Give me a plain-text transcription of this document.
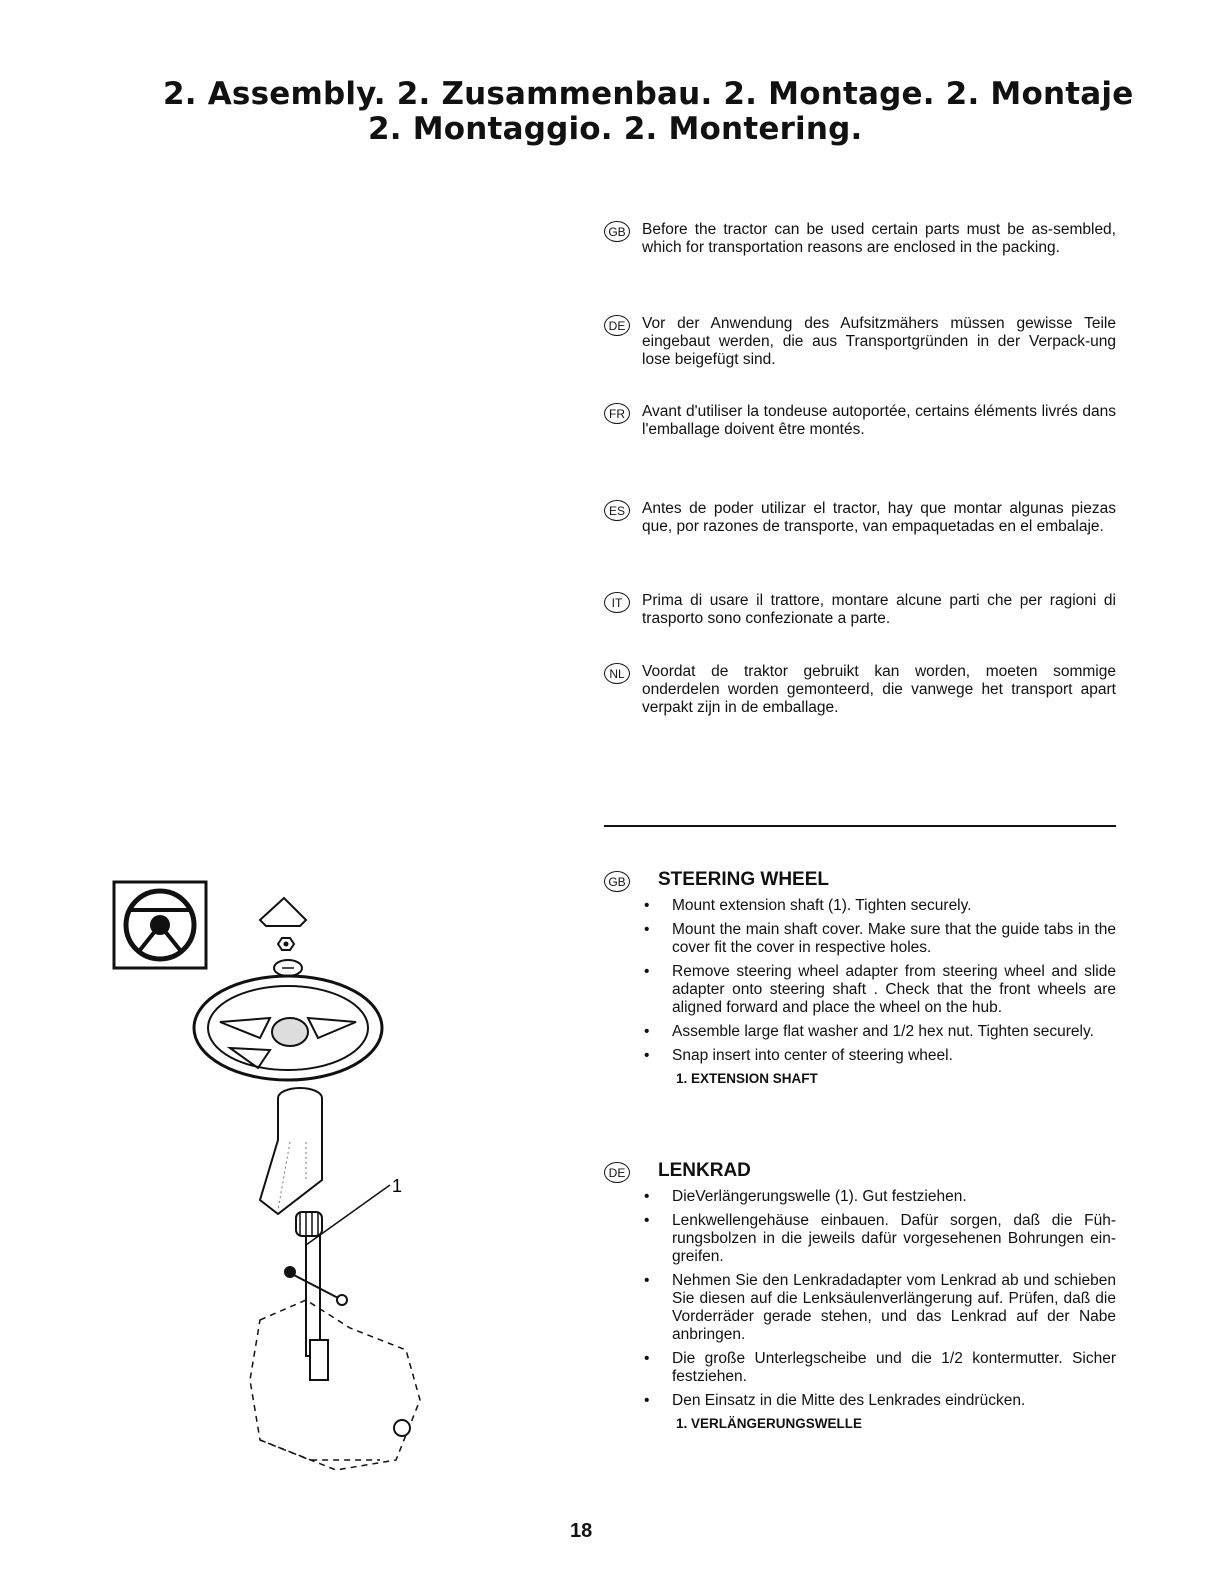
2. Assembly. 2. Zusammenbau. 2. Montage. 2. Montaje
2. Montaggio. 2. Montering.
GB	Before the tractor can be used certain parts must be as-sembled, which for transportation reasons are enclosed in the packing.

DE	Vor der Anwendung des Aufsitzmähers müssen gewisse Teile eingebaut werden, die aus Transportgründen in der Verpack-ung lose beigefügt sind.

FR	Avant d'utiliser la tondeuse autoportée, certains éléments livrés dans l'emballage doivent être montés.

ES	Antes de poder utilizar el tractor, hay que montar algunas piezas que, por razones de transporte, van empaquetadas en el embalaje.

IT	Prima di usare il trattore, montare alcune parti che per ragioni di trasporto sono confezionate a parte.

NL	Voordat de traktor gebruikt kan worden, moeten sommige onderdelen worden gemonteerd, die vanwege het transport apart verpakt zijn in de emballage.

GB STEERING WHEEL
• Mount extension shaft (1). Tighten securely.
• Mount the main shaft cover. Make sure that the guide tabs in the cover fit the cover in respective holes.
• Remove steering wheel adapter from steering wheel and slide adapter onto steering shaft . Check that the front wheels are aligned forward and place the wheel on the hub.
• Assemble large flat washer and 1/2 hex nut. Tighten securely.
• Snap insert into center of steering wheel.
1. EXTENSION SHAFT
DE LENKRAD
• DieVerlängerungswelle (1). Gut festziehen.
• Lenkwellengehäuse einbauen. Dafür sorgen, daß die Füh-rungsbolzen in die jeweils dafür vorgesehenen Bohrungen ein- greifen.
• Nehmen Sie den Lenkradadapter vom Lenkrad ab und schieben Sie diesen auf die Lenksäulenverlängerung auf. Prüfen, daß die Vorderräder gerade stehen, und das Lenkrad auf der Nabe anbringen.
• Die große Unterlegscheibe und die 1/2 kontermutter. Sicher festziehen.
• Den Einsatz in die Mitte des Lenkrades eindrücken.
1. VERLÄNGERUNGSWELLE
1
18
